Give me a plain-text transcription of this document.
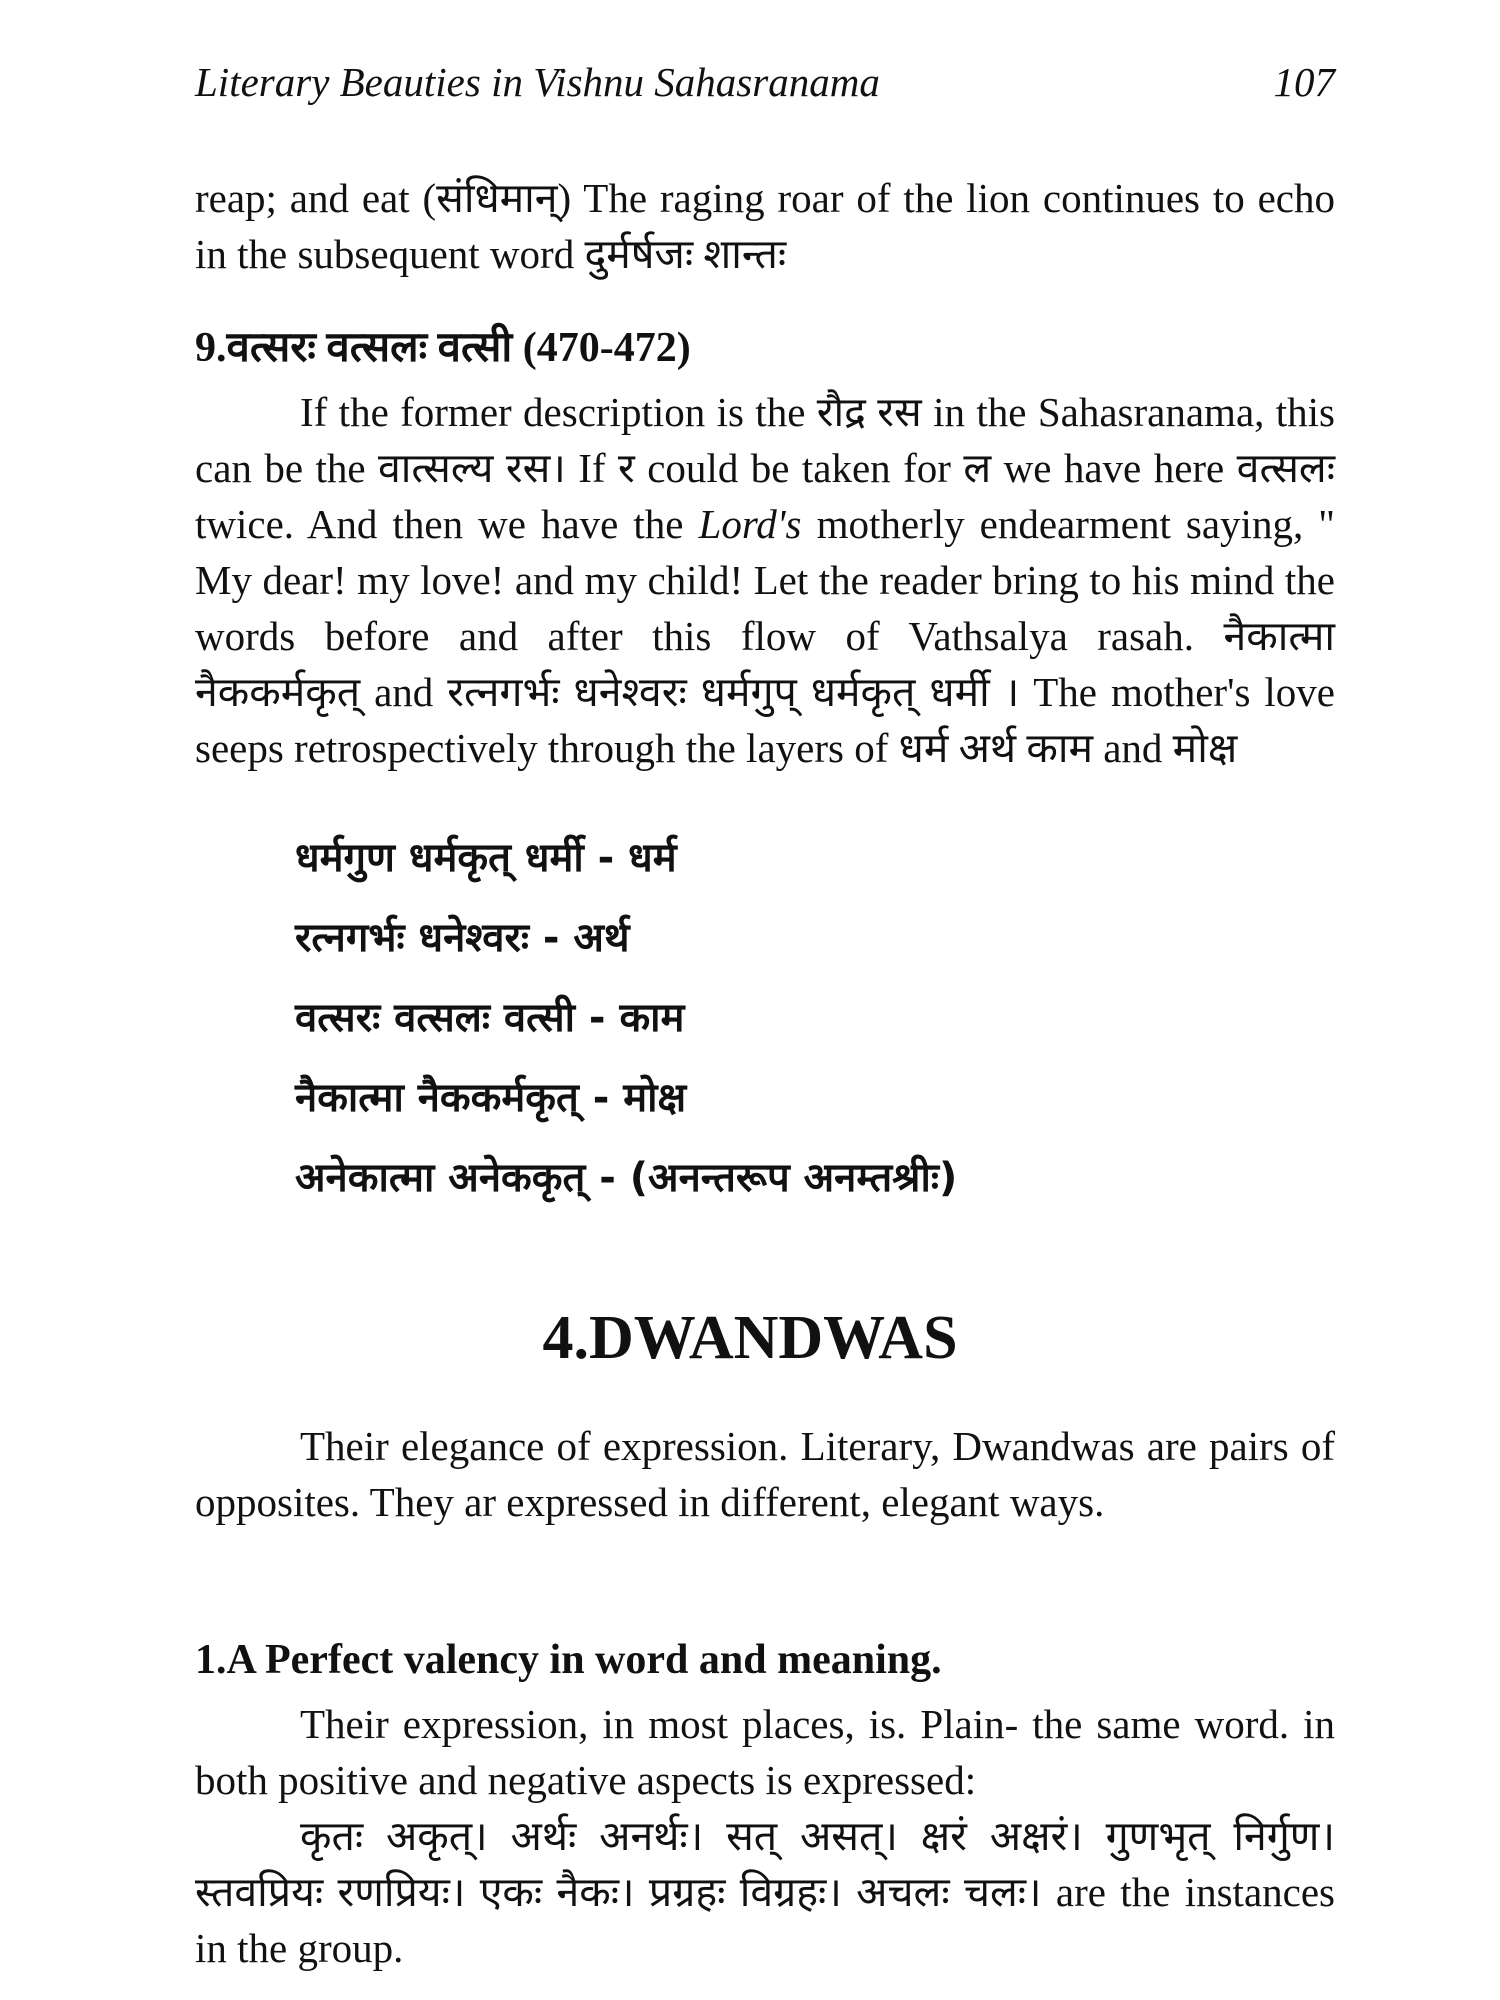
Literary Beauties in Vishnu Sahasranama	107

reap; and eat (संधिमान्) The raging roar of the lion continues to echo in the subsequent word दुर्मर्षजः शान्तः

9.वत्सरः वत्सलः वत्सी (470-472)

If the former description is the रौद्र रस in the Sahasranama, this can be the वात्सल्य रस। If र could be taken for ल we have here वत्सलः twice. And then we have the Lord's motherly endearment saying, " My dear! my love! and my child! Let the reader bring to his mind the words before and after this flow of Vathsalya rasah. नैकात्मा नैककर्मकृत् and रत्नगर्भः धनेश्वरः धर्मगुप् धर्मकृत् धर्मी । The mother's love seeps retrospectively through the layers of धर्म अर्थ काम and मोक्ष

धर्मगुण धर्मकृत् धर्मी - धर्म
रत्नगर्भः धनेश्वरः - अर्थ
वत्सरः वत्सलः वत्सी - काम
नैकात्मा नैककर्मकृत् - मोक्ष
अनेकात्मा अनेककृत् - (अनन्तरूप अनम्तश्रीः)
4.DWANDWAS

Their elegance of expression. Literary, Dwandwas are pairs of opposites. They ar expressed in different, elegant ways.

1.A Perfect valency in word and meaning.

Their expression, in most places, is. Plain- the same word. in both positive and negative aspects is expressed:

कृतः अकृत्। अर्थः अनर्थः। सत् असत्। क्षरं अक्षरं। गुणभृत् निर्गुण। स्तवप्रियः रणप्रियः। एकः नैकः। प्रग्रहः विग्रहः। अचलः चलः। are the instances in the group.
